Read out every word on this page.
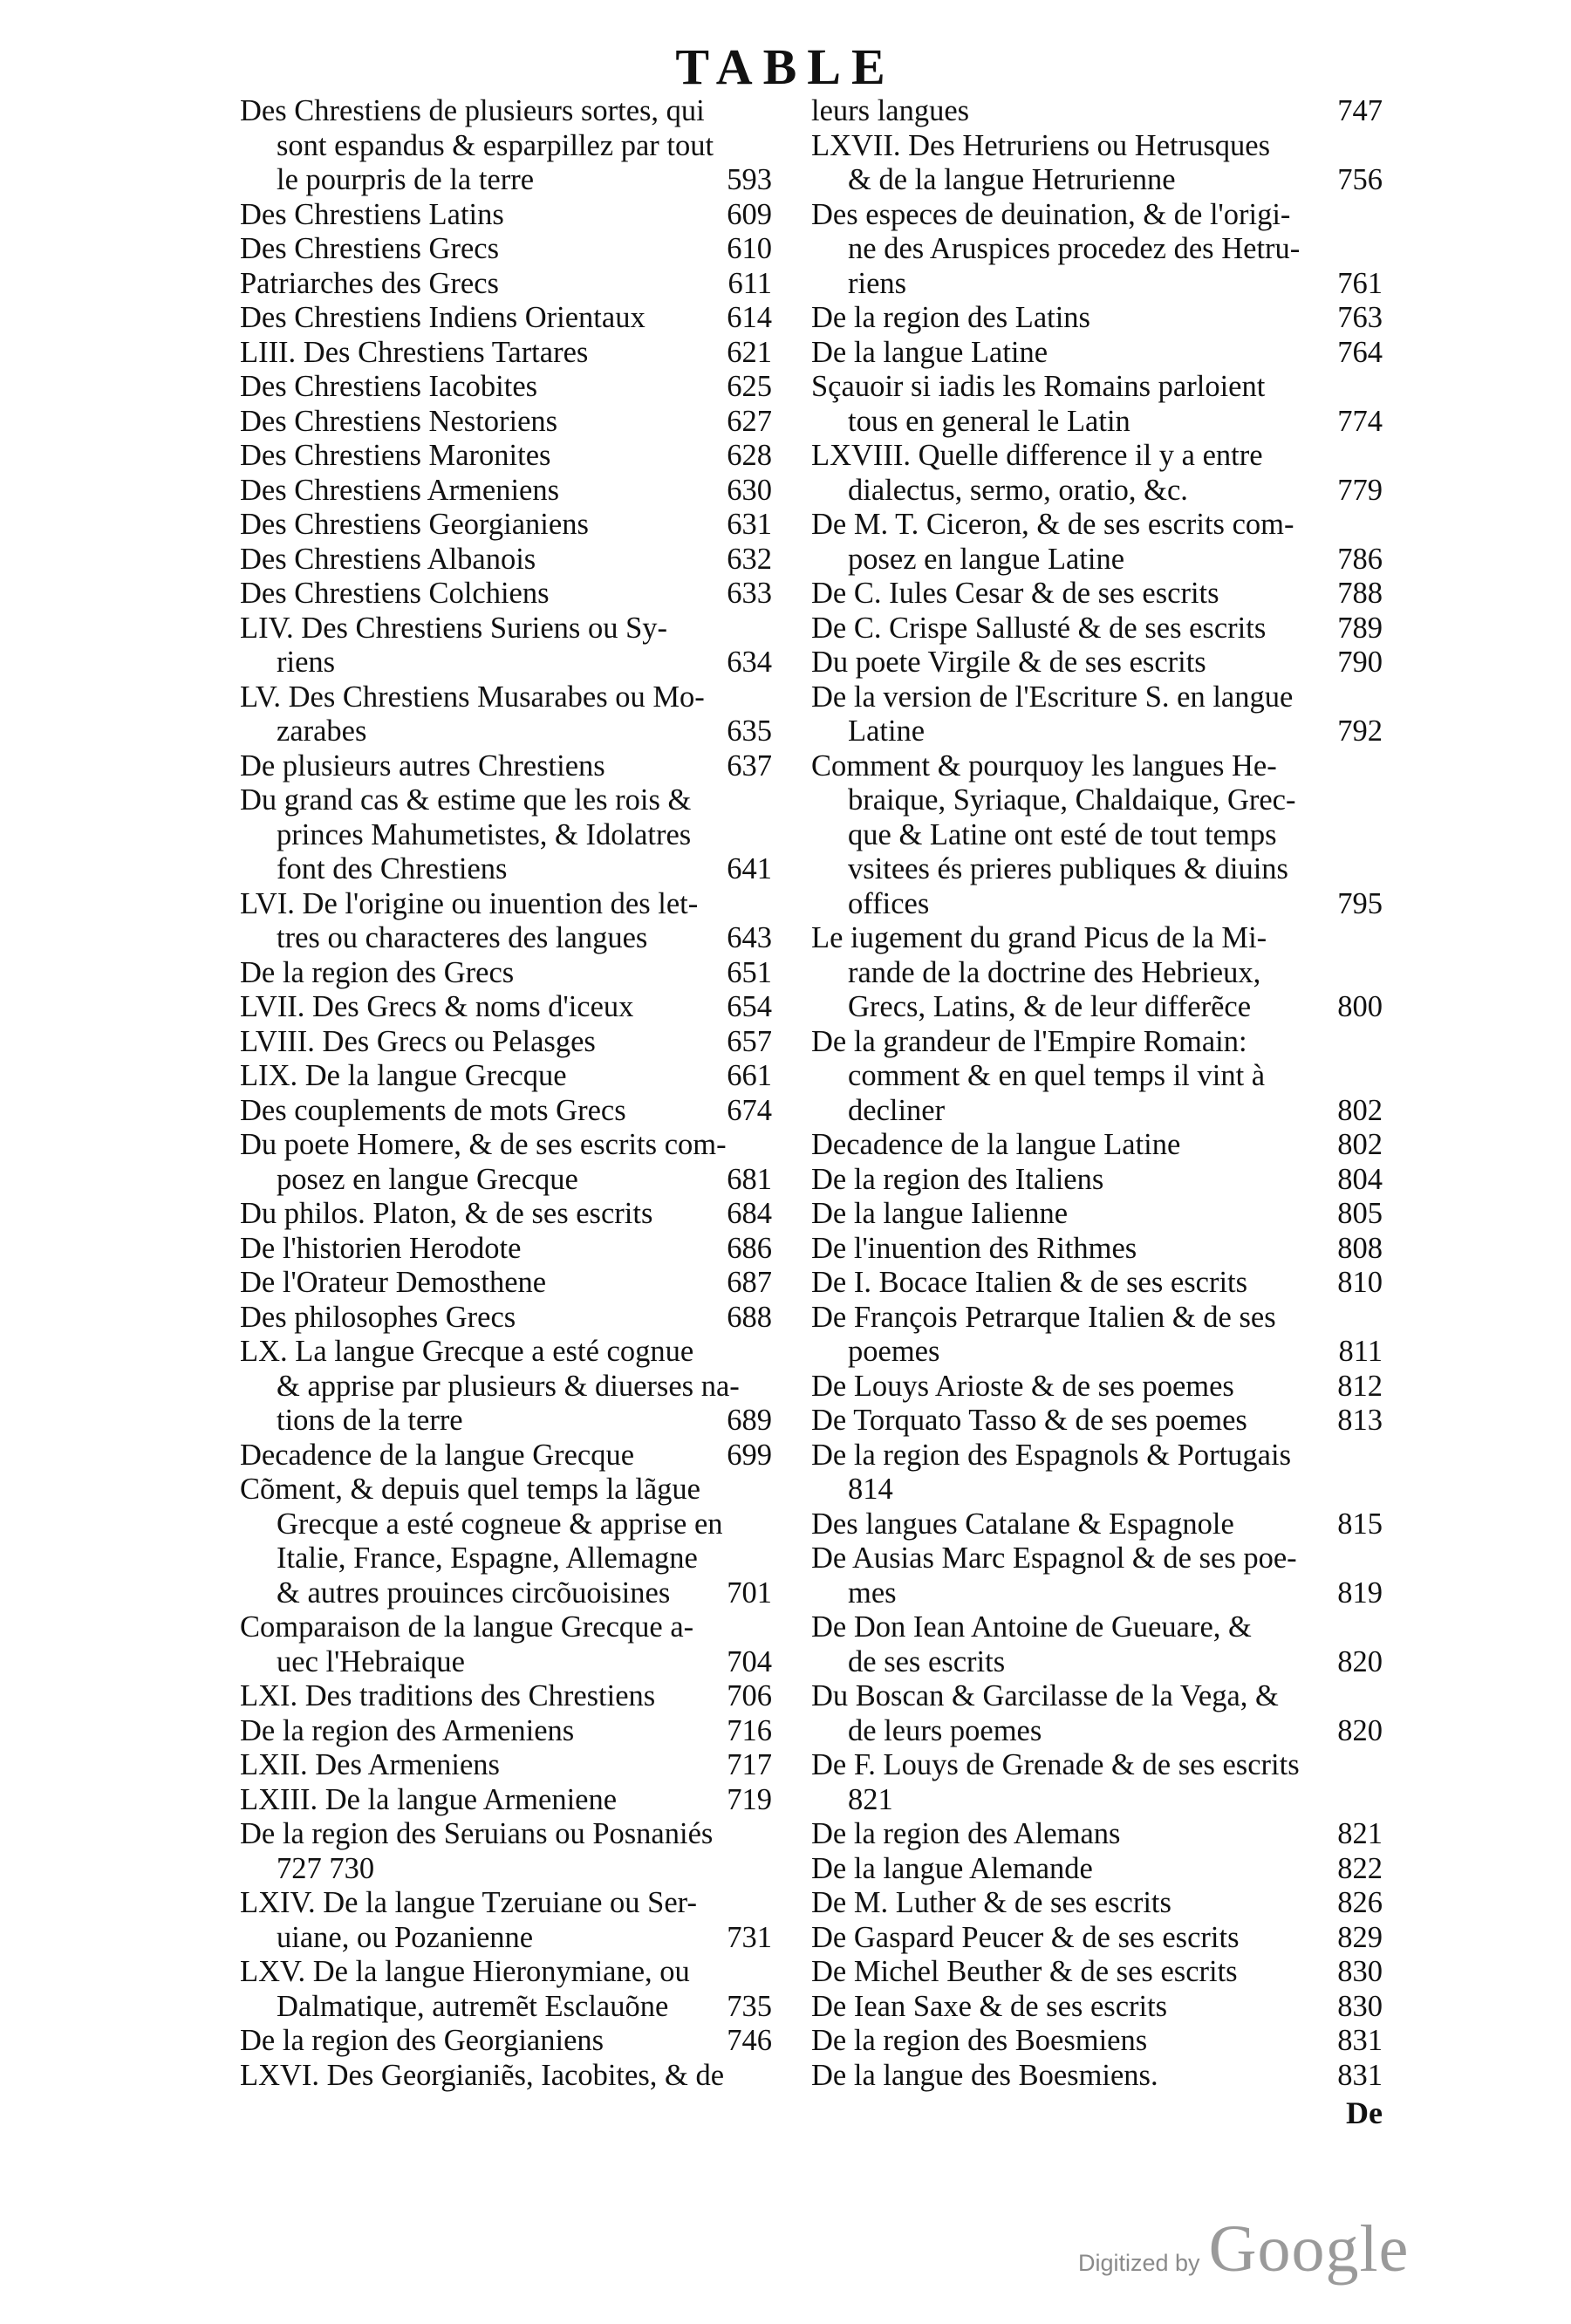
TABLE
Des Chrestiens de plusieurs sortes, qui
sont espandus & esparpillez par tout
593
le pourpris de la terre
609
Des Chrestiens Latins
610
Des Chrestiens Grecs
611
Patriarches des Grecs
614
Des Chrestiens Indiens Orientaux
621
LIII. Des Chrestiens Tartares
625
Des Chrestiens Iacobites
627
Des Chrestiens Nestoriens
628
Des Chrestiens Maronites
630
Des Chrestiens Armeniens
631
Des Chrestiens Georgianiens
632
Des Chrestiens Albanois
633
Des Chrestiens Colchiens
LIV. Des Chrestiens Suriens ou Sy-
634
riens
LV. Des Chrestiens Musarabes ou Mo-
635
zarabes
637
De plusieurs autres Chrestiens
Du grand cas & estime que les rois &
princes Mahumetistes, & Idolatres
641
font des Chrestiens
LVI. De l'origine ou inuention des let-
643
tres ou characteres des langues
651
De la region des Grecs
654
LVII. Des Grecs & noms d'iceux
657
LVIII. Des Grecs ou Pelasges
661
LIX. De la langue Grecque
674
Des couplements de mots Grecs
Du poete Homere, & de ses escrits com-
681
posez en langue Grecque
684
Du philos. Platon, & de ses escrits
686
De l'historien Herodote
687
De l'Orateur Demosthene
688
Des philosophes Grecs
LX. La langue Grecque a esté cognue
& apprise par plusieurs & diuerses na-
689
tions de la terre
699
Decadence de la langue Grecque
Cõment, & depuis quel temps la lãgue
Grecque a esté cogneue & apprise en
Italie, France, Espagne, Allemagne
701
& autres prouinces circõuoisines
Comparaison de la langue Grecque a-
704
uec l'Hebraique
706
LXI. Des traditions des Chrestiens
716
De la region des Armeniens
717
LXII. Des Armeniens
719
LXIII. De la langue Armeniene
De la region des Seruians ou Posnaniés
727 730
LXIV. De la langue Tzeruiane ou Ser-
731
uiane, ou Pozanienne
LXV. De la langue Hieronymiane, ou
735
Dalmatique, autremẽt Esclauõne
746
De la region des Georgianiens
LXVI. Des Georgianiẽs, Iacobites, & de
747
leurs langues
LXVII. Des Hetruriens ou Hetrusques
756
& de la langue Hetrurienne
Des especes de deuination, & de l'origi-
ne des Aruspices procedez des Hetru-
761
riens
763
De la region des Latins
764
De la langue Latine
Sçauoir si iadis les Romains parloient
774
tous en general le Latin
LXVIII. Quelle difference il y a entre
779
dialectus, sermo, oratio, &c.
De M. T. Ciceron, & de ses escrits com-
786
posez en langue Latine
788
De C. Iules Cesar & de ses escrits
789
De C. Crispe Sallusté & de ses escrits
790
Du poete Virgile & de ses escrits
De la version de l'Escriture S. en langue
792
Latine
Comment & pourquoy les langues He-
braique, Syriaque, Chaldaique, Grec-
que & Latine ont esté de tout temps
vsitees és prieres publiques & diuins
795
offices
Le iugement du grand Picus de la Mi-
rande de la doctrine des Hebrieux,
800
Grecs, Latins, & de leur differẽce
De la grandeur de l'Empire Romain:
comment & en quel temps il vint à
802
decliner
802
Decadence de la langue Latine
804
De la region des Italiens
805
De la langue Ialienne
808
De l'inuention des Rithmes
810
De I. Bocace Italien & de ses escrits
De François Petrarque Italien & de ses
811
poemes
812
De Louys Arioste & de ses poemes
813
De Torquato Tasso & de ses poemes
De la region des Espagnols & Portugais
814
815
Des langues Catalane & Espagnole
De Ausias Marc Espagnol & de ses poe-
819
mes
De Don Iean Antoine de Gueuare, &
820
de ses escrits
Du Boscan & Garcilasse de la Vega, &
820
de leurs poemes
De F. Louys de Grenade & de ses escrits
821
821
De la region des Alemans
822
De la langue Alemande
826
De M. Luther & de ses escrits
829
De Gaspard Peucer & de ses escrits
830
De Michel Beuther & de ses escrits
830
De Iean Saxe & de ses escrits
831
De la region des Boesmiens
831
De la langue des Boesmiens.
De
Digitized by Google
